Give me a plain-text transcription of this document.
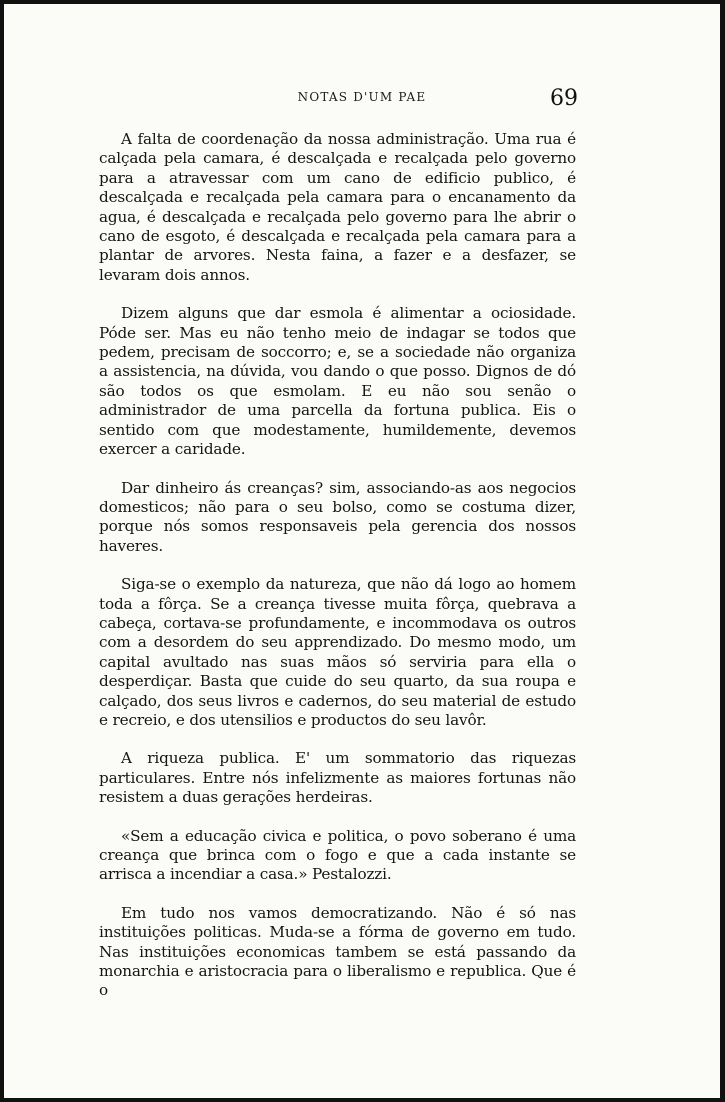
NOTAS D'UM PAE	69

A falta de coordenação da nossa administração. Uma rua é calçada pela camara, é descalçada e recalçada pelo governo para a atravessar com um cano de edificio publico, é descalçada e recalçada pela camara para o encanamento da agua, é descalçada e recalçada pelo governo para lhe abrir o cano de esgoto, é descalçada e recalçada pela camara para a plantar de arvores. Nesta faina, a fazer e a desfazer, se levaram dois annos.

Dizem alguns que dar esmola é alimentar a ociosidade. Póde ser. Mas eu não tenho meio de indagar se todos que pedem, precisam de soccorro; e, se a sociedade não organiza a assistencia, na dúvida, vou dando o que posso. Dignos de dó são todos os que esmolam. E eu não sou senão o administrador de uma parcella da fortuna publica. Eis o sentido com que modestamente, humildemente, devemos exercer a caridade.

Dar dinheiro ás creanças? sim, associando-as aos negocios domesticos; não para o seu bolso, como se costuma dizer, porque nós somos responsaveis pela gerencia dos nossos haveres.

Siga-se o exemplo da natureza, que não dá logo ao homem toda a fôrça. Se a creança tivesse muita fôrça, quebrava a cabeça, cortava-se profundamente, e incommodava os outros com a desordem do seu apprendizado. Do mesmo modo, um capital avultado nas suas mãos só serviria para ella o desperdiçar. Basta que cuide do seu quarto, da sua roupa e calçado, dos seus livros e cadernos, do seu material de estudo e recreio, e dos utensilios e productos do seu lavôr.

A riqueza publica. E' um sommatorio das riquezas particulares. Entre nós infelizmente as maiores fortunas não resistem a duas gerações herdeiras.

«Sem a educação civica e politica, o povo soberano é uma creança que brinca com o fogo e que a cada instante se arrisca a incendiar a casa.» Pestalozzi.

Em tudo nos vamos democratizando. Não é só nas instituições politicas. Muda-se a fórma de governo em tudo. Nas instituições economicas tambem se está passando da monarchia e aristocracia para o liberalismo e republica. Que é o
